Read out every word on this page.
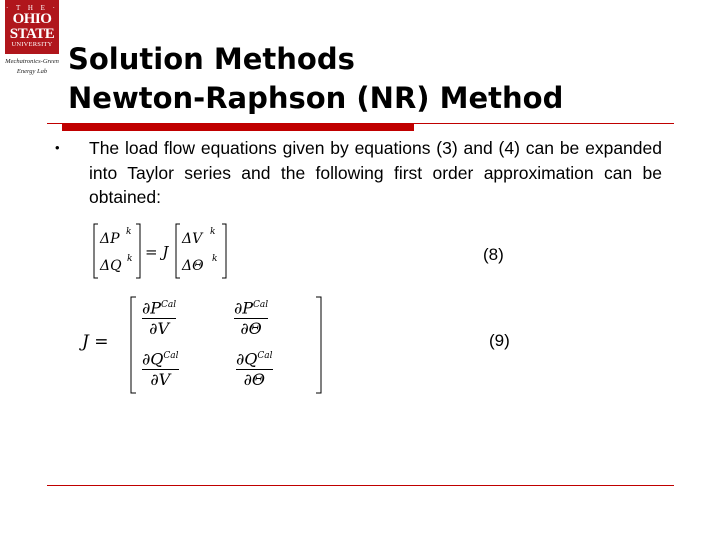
· T H E ·
OHIO
STATE
UNIVERSITY
Mechatronics-Green
Energy Lab Solution Methods
Newton-Raphson (NR) Method
• The load flow equations given by equations (3) and (4) can be expanded into Taylor series and the following first order approximation can be obtained:
ΔP k
ΔQ k = J
ΔV k
ΔΘ k	(8)
J =
$\partial P^{Cal}$
∂V
$\partial P^{Cal}$
∂Θ
$\partial Q^{Cal}$
∂V
$\partial Q^{Cal}$
∂Θ
(9)
